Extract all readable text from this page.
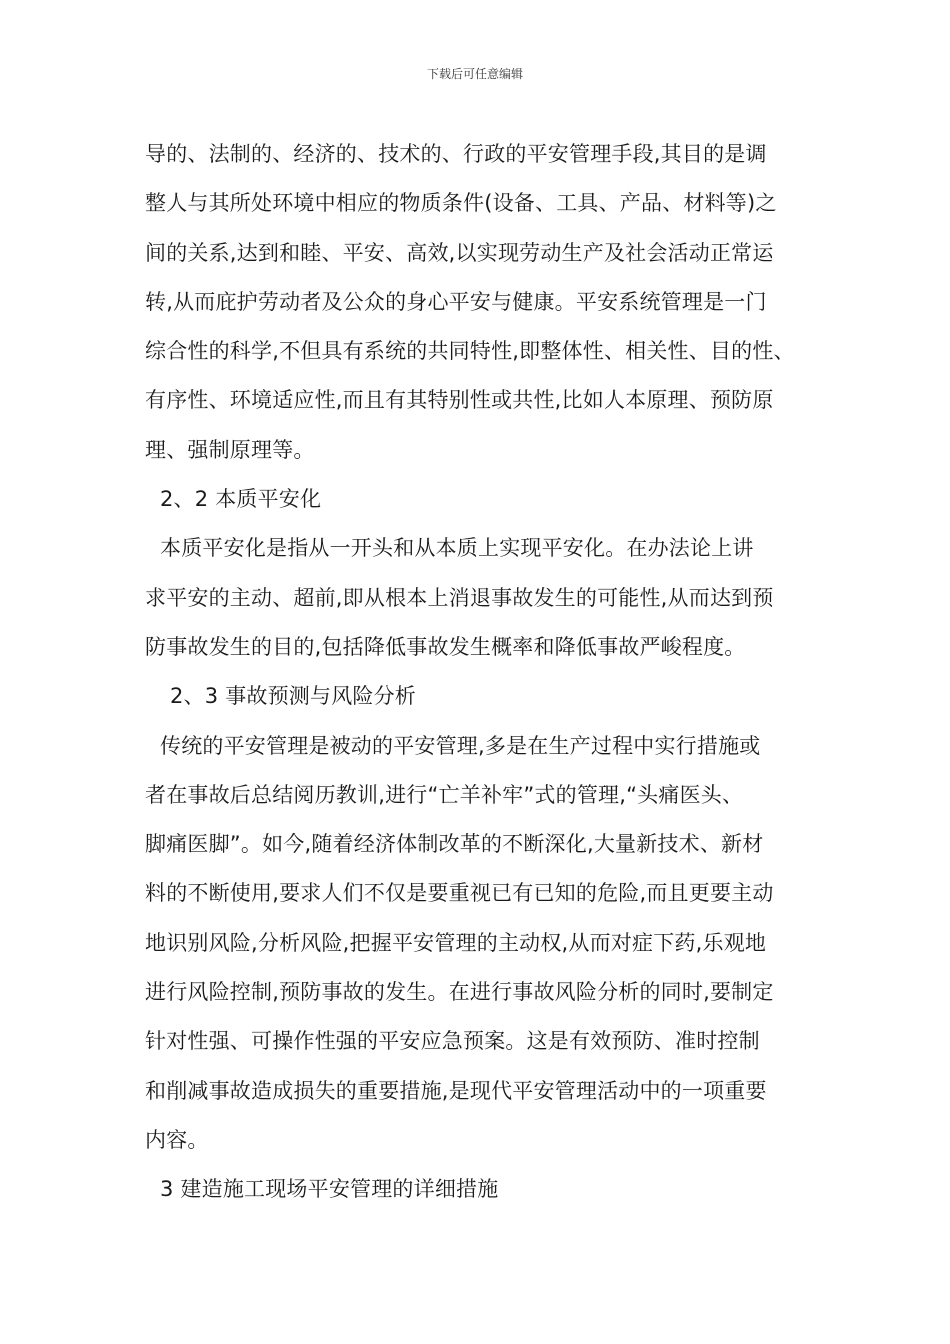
下载后可任意编辑
导的、法制的、经济的、技术的、行政的平安管理手段,其目的是调
整人与其所处环境中相应的物质条件(设备、工具、产品、材料等)之
间的关系,达到和睦、平安、高效,以实现劳动生产及社会活动正常运
转,从而庇护劳动者及公众的身心平安与健康。平安系统管理是一门
综合性的科学,不但具有系统的共同特性,即整体性、相关性、目的性、
有序性、环境适应性,而且有其特别性或共性,比如人本原理、预防原
理、强制原理等。
2、2 本质平安化
本质平安化是指从一开头和从本质上实现平安化。在办法论上讲
求平安的主动、超前,即从根本上消退事故发生的可能性,从而达到预
防事故发生的目的,包括降低事故发生概率和降低事故严峻程度。
2、3 事故预测与风险分析
传统的平安管理是被动的平安管理,多是在生产过程中实行措施或
者在事故后总结阅历教训,进行“亡羊补牢”式的管理,“头痛医头、
脚痛医脚”。如今,随着经济体制改革的不断深化,大量新技术、新材
料的不断使用,要求人们不仅是要重视已有已知的危险,而且更要主动
地识别风险,分析风险,把握平安管理的主动权,从而对症下药,乐观地
进行风险控制,预防事故的发生。在进行事故风险分析的同时,要制定
针对性强、可操作性强的平安应急预案。这是有效预防、准时控制
和削减事故造成损失的重要措施,是现代平安管理活动中的一项重要
内容。
3 建造施工现场平安管理的详细措施
